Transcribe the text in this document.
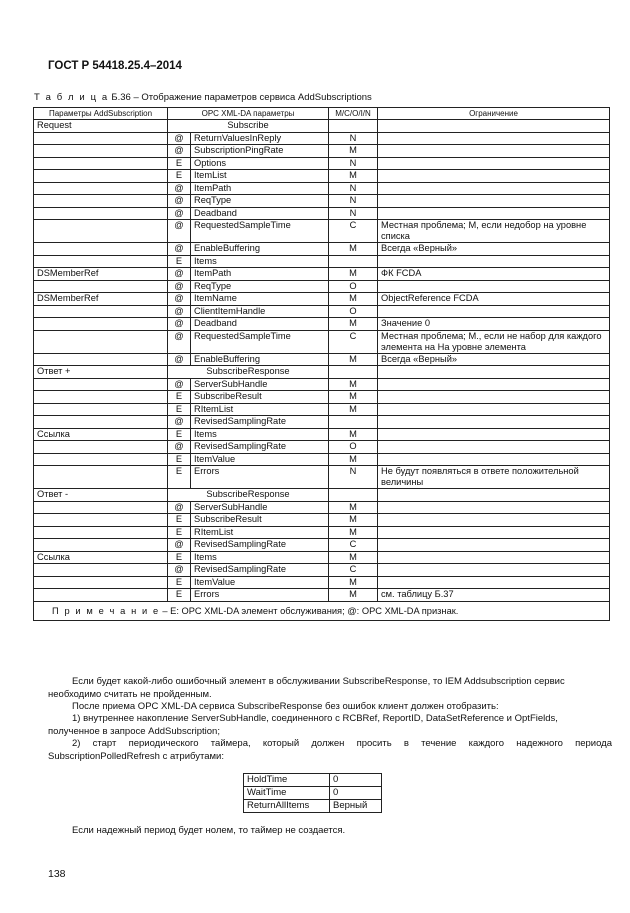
ГОСТ Р 54418.25.4–2014
Т а б л и ц а Б.36 – Отображение параметров сервиса AddSubscriptions
Параметры AddSubscription	OPC XML-DA параметры		М/С/О/I/N	Ограничение
Request	Subscribe			
	@	ReturnValuesInReply	N	
	@	SubscriptionPingRate	M	
	E	Options	N	
	E	ItemList	M	
	@	ItemPath	N	
	@	ReqType	N	
	@	Deadband	N	
	@	RequestedSampleTime	C	Местная проблема; М, если недобор на уровне списка
	@	EnableBuffering	M	Всегда «Верный»
	E	Items		
DSMemberRef	@	ItemPath	M	ФК FCDA
	@	ReqType	O	
DSMemberRef	@	ItemName	M	ObjectReference FCDA
	@	ClientItemHandle	O	
	@	Deadband	M	Значение 0
	@	RequestedSampleTime	C	Местная проблема; М., если не набор для каждого элемента на На уровне элемента
	@	EnableBuffering	M	Всегда «Верный»
Ответ +	SubscribeResponse			
	@	ServerSubHandle	M	
	E	SubscribeResult	M	
	E	RItemList	M	
	@	RevisedSamplingRate		
Ссылка	E	Items	M	
	@	RevisedSamplingRate	O	
	E	ItemValue	M	
	E	Errors	N	Не будут появляться в ответе положительной величины
Ответ -	SubscribeResponse			
	@	ServerSubHandle	M	
	E	SubscribeResult	M	
	E	RItemList	M	
	@	RevisedSamplingRate	C	
Ссылка	E	Items	M	
	@	RevisedSamplingRate	C	
	E	ItemValue	M	
	E	Errors	M	см. таблицу Б.37
П р и м е ч а н и е – Е: OPC XML-DA элемент обслуживания; @: OPC XML-DA признак.				
Если будет какой-либо ошибочный элемент в обслуживании SubscribeResponse, то IEM Addsubscription сервис необходимо считать не пройденным.
После приема OPC XML-DA сервиса SubscribeResponse без ошибок клиент должен отобразить:
1) внутреннее накопление ServerSubHandle, соединенного с RCBRef, ReportID, DataSetReference и OptFields, полученное в запросе AddSubscription;
2) старт периодического таймера, который должен просить в течение каждого надежного периода SubscriptionPolledRefresh с атрибутами:
HoldTime	0
WaitTime	0
ReturnAllItems	Верный
Если надежный период будет нолем, то таймер не создается.
138
